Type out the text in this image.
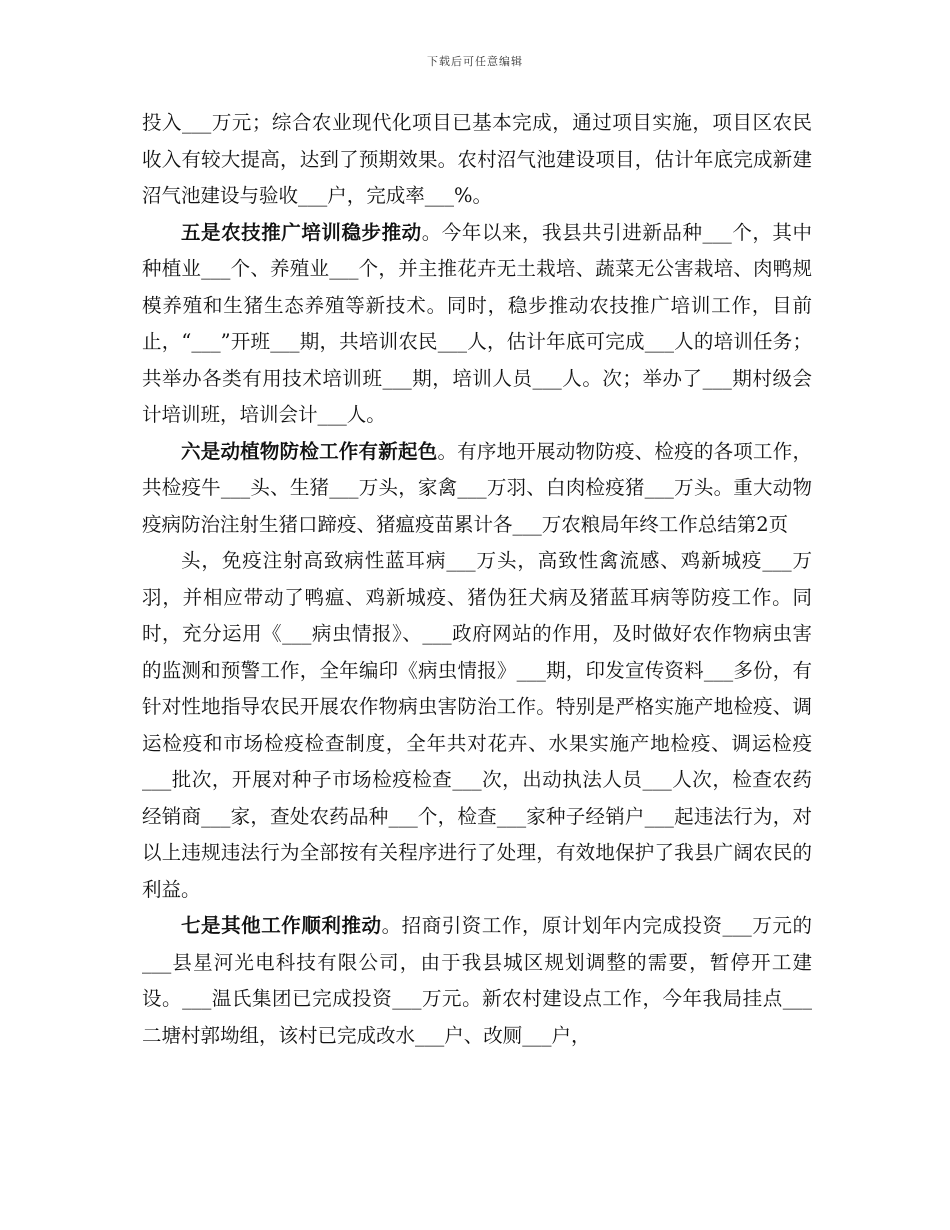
下载后可任意编辑

投入___万元；综合农业现代化项目已基本完成，通过项目实施，项目区农民收入有较大提高，达到了预期效果。农村沼气池建设项目，估计年底完成新建沼气池建设与验收___户，完成率___%。

五是农技推广培训稳步推动。今年以来，我县共引进新品种___个，其中种植业___个、养殖业___个，并主推花卉无土栽培、蔬菜无公害栽培、肉鸭规模养殖和生猪生态养殖等新技术。同时，稳步推动农技推广培训工作，目前止，“___”开班___期，共培训农民___人，估计年底可完成___人的培训任务；共举办各类有用技术培训班___期，培训人员___人。次；举办了___期村级会计培训班，培训会计___人。

六是动植物防检工作有新起色。有序地开展动物防疫、检疫的各项工作，共检疫牛___头、生猪___万头，家禽___万羽、白肉检疫猪___万头。重大动物疫病防治注射生猪口蹄疫、猪瘟疫苗累计各___万农粮局年终工作总结第2页

头，免疫注射高致病性蓝耳病___万头，高致性禽流感、鸡新城疫___万羽，并相应带动了鸭瘟、鸡新城疫、猪伪狂犬病及猪蓝耳病等防疫工作。同时，充分运用《___病虫情报》、___政府网站的作用，及时做好农作物病虫害的监测和预警工作，全年编印《病虫情报》___期，印发宣传资料___多份，有针对性地指导农民开展农作物病虫害防治工作。特别是严格实施产地检疫、调运检疫和市场检疫检查制度，全年共对花卉、水果实施产地检疫、调运检疫___批次，开展对种子市场检疫检查___次，出动执法人员___人次，检查农药经销商___家，查处农药品种___个，检查___家种子经销户___起违法行为，对以上违规违法行为全部按有关程序进行了处理，有效地保护了我县广阔农民的利益。

七是其他工作顺利推动。招商引资工作，原计划年内完成投资___万元的___县星河光电科技有限公司，由于我县城区规划调整的需要，暂停开工建设。___温氏集团已完成投资___万元。新农村建设点工作，今年我局挂点___二塘村郭坳组，该村已完成改水___户、改厕___户，
